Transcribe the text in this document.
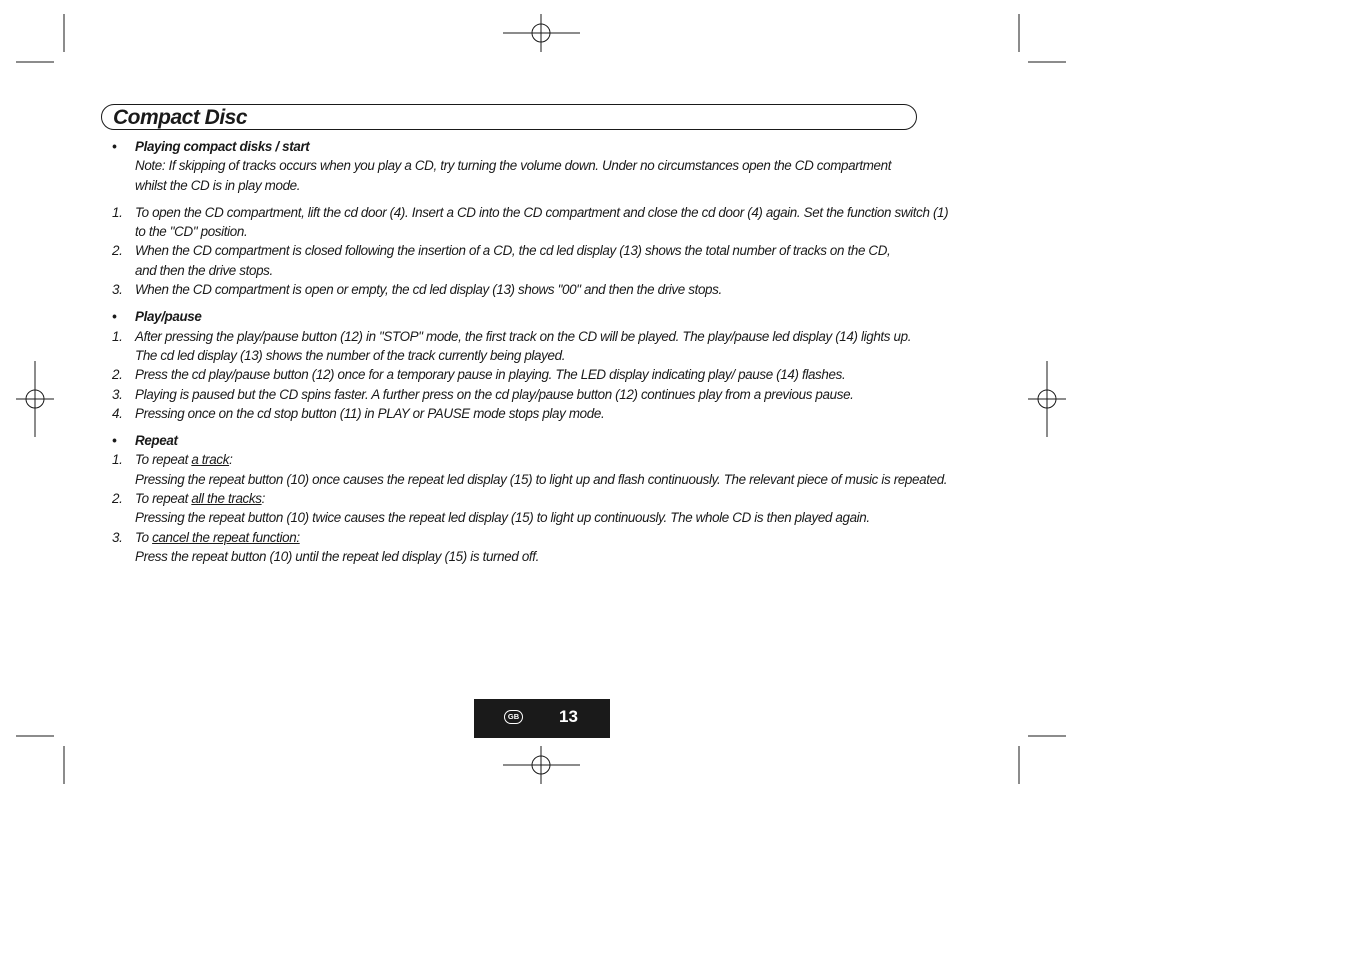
Compact Disc
•	Playing compact disks / start
Note: If skipping of tracks occurs when you play a CD, try turning the volume down. Under no circumstances open the CD compartment
whilst the CD is in play mode.
1. To open the CD compartment, lift the cd door (4). Insert a CD into the CD compartment and close the cd door (4) again. Set the function switch (1)
to the "CD" position.
2. When the CD compartment is closed following the insertion of a CD, the cd led display (13) shows the total number of tracks on the CD,
and then the drive stops.
3. When the CD compartment is open or empty, the cd led display (13) shows "00" and then the drive stops.
•	Play/pause
1. After pressing the play/pause button (12) in "STOP" mode, the first track on the CD will be played. The play/pause led display (14) lights up.
The cd led display (13) shows the number of the track currently being played.
2. Press the cd play/pause button (12) once for a temporary pause in playing. The LED display indicating play/ pause (14) flashes.
3. Playing is paused but the CD spins faster. A further press on the cd play/pause button (12) continues play from a previous pause.
4. Pressing once on the cd stop button (11) in PLAY or PAUSE mode stops play mode.
•	Repeat
1. To repeat a track:
Pressing the repeat button (10) once causes the repeat led display (15) to light up and flash continuously. The relevant piece of music is repeated.
2. To repeat all the tracks:
Pressing the repeat button (10) twice causes the repeat led display (15) to light up continuously. The whole CD is then played again.
3. To cancel the repeat function:
Press the repeat button (10) until the repeat led display (15) is turned off.
GB 13
